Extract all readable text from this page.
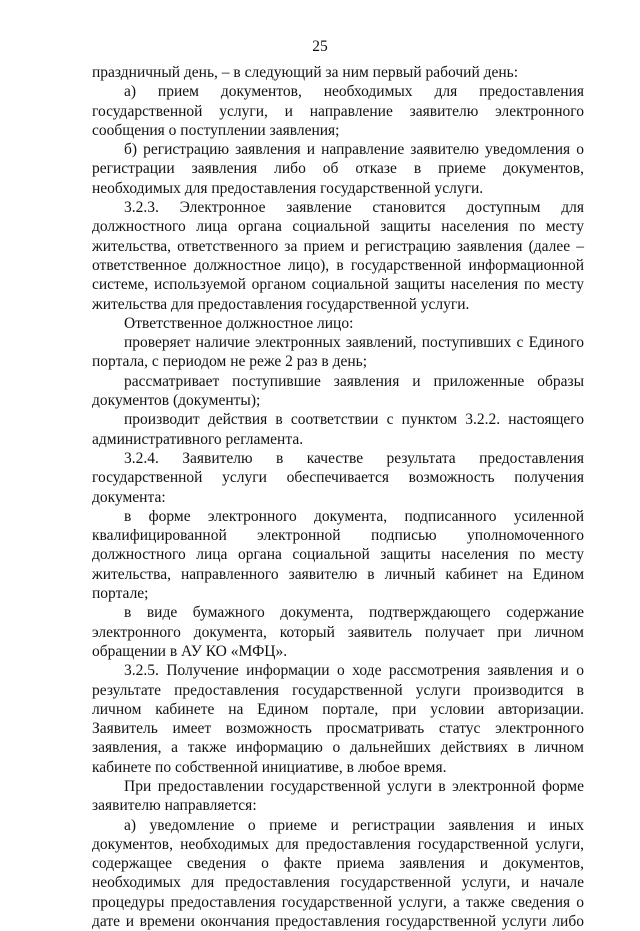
25

праздничный день, – в следующий за ним первый рабочий день:

а) прием документов, необходимых для предоставления государственной услуги, и направление заявителю электронного сообщения о поступлении заявления;

б) регистрацию заявления и направление заявителю уведомления о регистрации заявления либо об отказе в приеме документов, необходимых для предоставления государственной услуги.

3.2.3. Электронное заявление становится доступным для должностного лица органа социальной защиты населения по месту жительства, ответственного за прием и регистрацию заявления (далее – ответственное должностное лицо), в государственной информационной системе, используемой органом социальной защиты населения по месту жительства для предоставления государственной услуги.

Ответственное должностное лицо:

проверяет наличие электронных заявлений, поступивших с Единого портала, с периодом не реже 2 раз в день;

рассматривает поступившие заявления и приложенные образы документов (документы);

производит действия в соответствии с пунктом 3.2.2. настоящего административного регламента.

3.2.4. Заявителю в качестве результата предоставления государственной услуги обеспечивается возможность получения документа:

в форме электронного документа, подписанного усиленной квалифицированной электронной подписью уполномоченного должностного лица органа социальной защиты населения по месту жительства, направленного заявителю в личный кабинет на Едином портале;

в виде бумажного документа, подтверждающего содержание электронного документа, который заявитель получает при личном обращении в АУ КО «МФЦ».

3.2.5. Получение информации о ходе рассмотрения заявления и о результате предоставления государственной услуги производится в личном кабинете на Едином портале, при условии авторизации. Заявитель имеет возможность просматривать статус электронного заявления, а также информацию о дальнейших действиях в личном кабинете по собственной инициативе, в любое время.

При предоставлении государственной услуги в электронной форме заявителю направляется:

а) уведомление о приеме и регистрации заявления и иных документов, необходимых для предоставления государственной услуги, содержащее сведения о факте приема заявления и документов, необходимых для предоставления государственной услуги, и начале процедуры предоставления государственной услуги, а также сведения о дате и времени окончания предоставления государственной услуги либо
